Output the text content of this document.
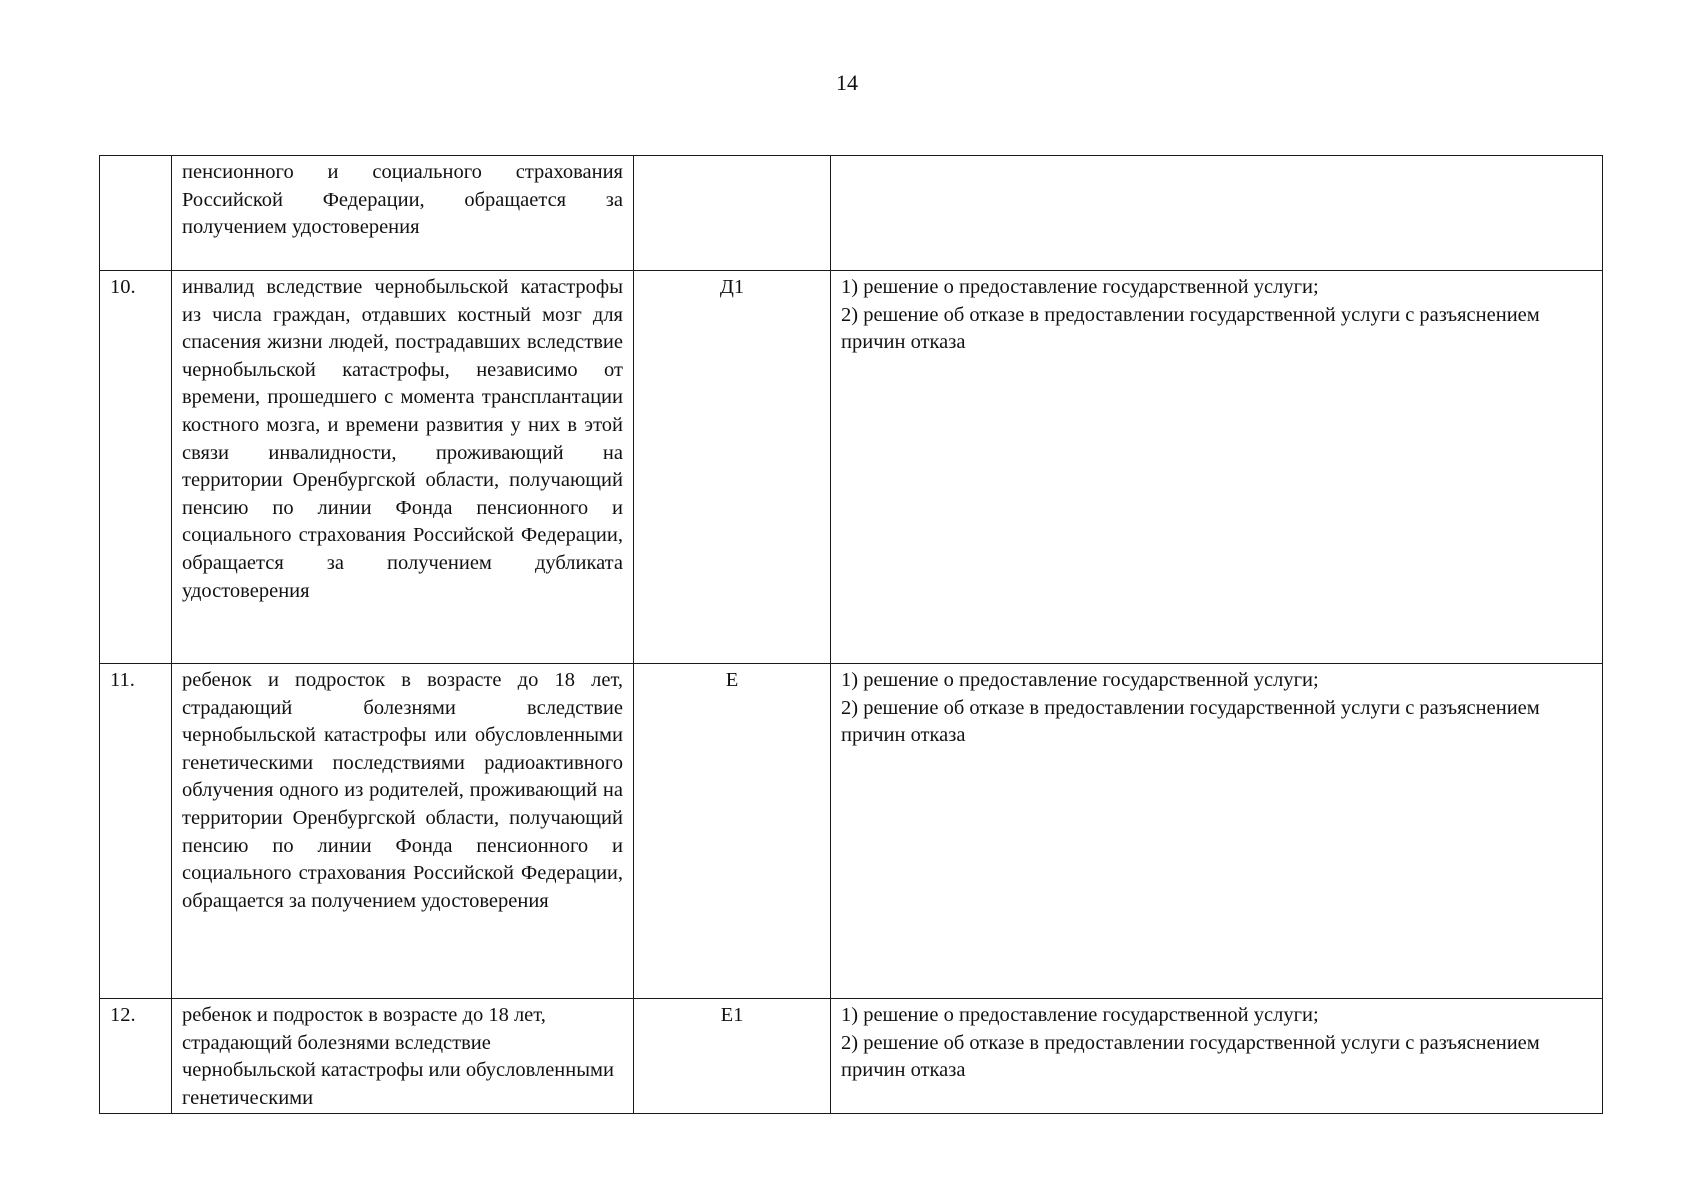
14
	пенсионного и социального страхования Российской Федерации, обращается за получением удостоверения		
10.	инвалид вследствие чернобыльской катастрофы из числа граждан, отдавших костный мозг для спасения жизни людей, пострадавших вследствие чернобыльской катастрофы, независимо от времени, прошедшего с момента трансплантации костного мозга, и времени развития у них в этой связи инвалидности, проживающий на территории Оренбургской области, получающий пенсию по линии Фонда пенсионного и социального страхования Российской Федерации, обращается за получением дубликата удостоверения	Д1	1) решение о предоставление государственной услуги;
2) решение об отказе в предоставлении государственной услуги с разъяснением причин отказа

11.	ребенок и подросток в возрасте до 18 лет, страдающий болезнями вследствие чернобыльской катастрофы или обусловленными генетическими последствиями радиоактивного облучения одного из родителей, проживающий на территории Оренбургской области, получающий пенсию по линии Фонда пенсионного и социального страхования Российской Федерации, обращается за получением удостоверения	Е	1) решение о предоставление государственной услуги;
2) решение об отказе в предоставлении государственной услуги с разъяснением причин отказа

12.	ребенок и подросток в возрасте до 18 лет, страдающий болезнями вследствие чернобыльской катастрофы или обусловленными генетическими	Е1	1) решение о предоставление государственной услуги;
2) решение об отказе в предоставлении государственной услуги с разъяснением причин отказа
